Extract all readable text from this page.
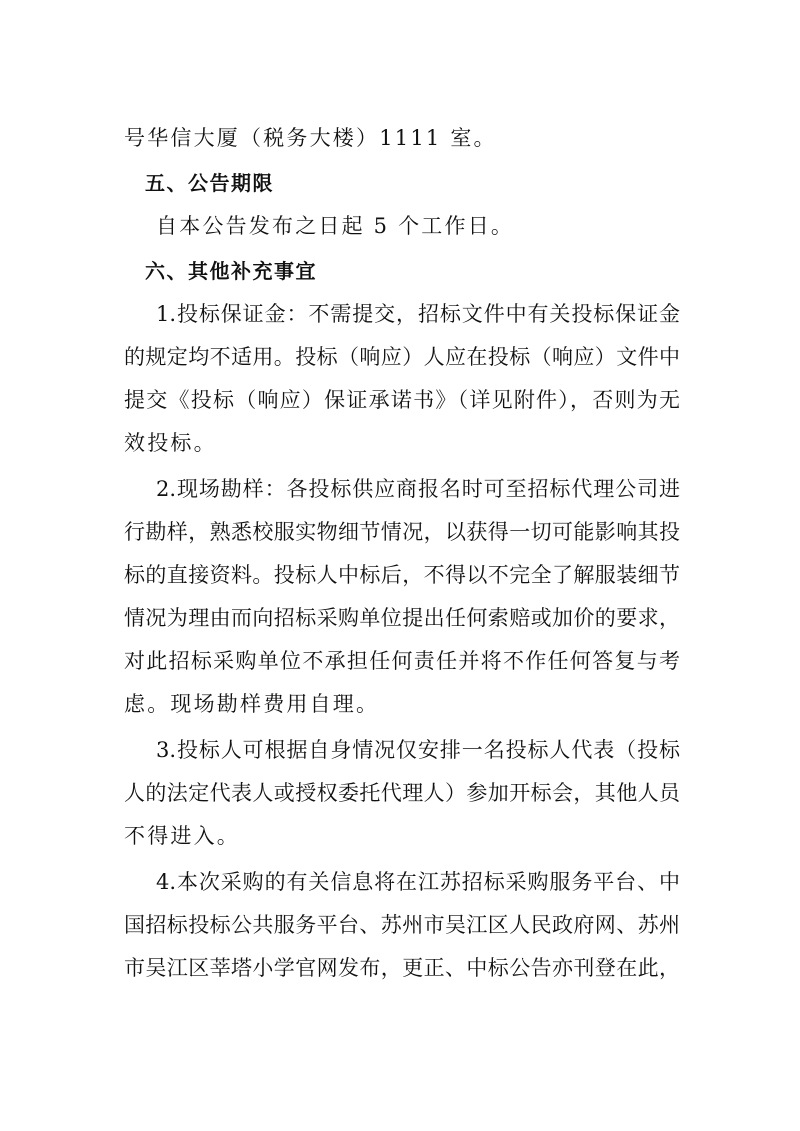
号华信大厦（税务大楼）1111 室。
五、公告期限
自本公告发布之日起 5 个工作日。
六、其他补充事宜
1.投标保证金：不需提交，招标文件中有关投标保证金
的规定均不适用。投标（响应）人应在投标（响应）文件中
提交《投标（响应）保证承诺书》（详见附件），否则为无
效投标。
2.现场勘样：各投标供应商报名时可至招标代理公司进
行勘样，熟悉校服实物细节情况，以获得一切可能影响其投
标的直接资料。投标人中标后，不得以不完全了解服装细节
情况为理由而向招标采购单位提出任何索赔或加价的要求，
对此招标采购单位不承担任何责任并将不作任何答复与考
虑。现场勘样费用自理。
3.投标人可根据自身情况仅安排一名投标人代表（投标
人的法定代表人或授权委托代理人）参加开标会，其他人员
不得进入。
4.本次采购的有关信息将在江苏招标采购服务平台、中
国招标投标公共服务平台、苏州市吴江区人民政府网、苏州
市吴江区莘塔小学官网发布，更正、中标公告亦刊登在此，
